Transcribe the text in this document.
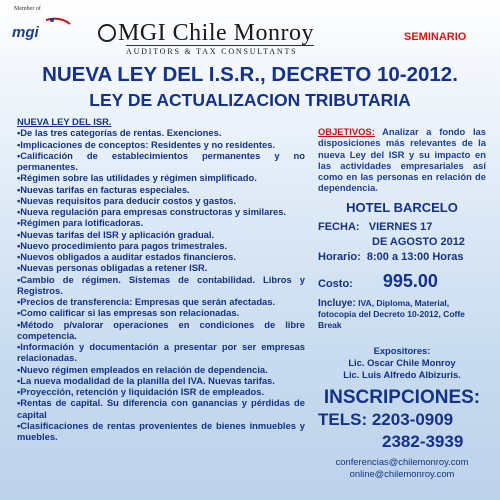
Member of
mgi	MGI Chile Monroy
AUDITORS & TAX CONSULTANTS
SEMINARIO
NUEVA LEY DEL I.S.R., DECRETO 10-2012.
LEY DE ACTUALIZACION TRIBUTARIA
NUEVA LEY DEL ISR.
•De las tres categorías de rentas. Exenciones.
•Implicaciones de conceptos: Residentes y no residentes.
•Calificación de establecimientos permanentes y no permanentes.
•Régimen sobre las utilidades y régimen simplificado.
•Nuevas tarifas en facturas especiales.
•Nuevas requisitos para deducir costos y gastos.
•Nueva regulación para empresas constructoras y similares.
•Régimen para lotificadoras.
•Nuevas tarifas del ISR y aplicación gradual.
•Nuevo procedimiento para pagos trimestrales.
•Nuevos obligados a auditar estados financieros.
•Nuevas personas obligadas a retener ISR.
•Cambio de régimen. Sistemas de contabilidad. Libros y Registros.
•Precios de transferencia: Empresas que serán afectadas.
•Como calificar si las empresas son relacionadas.
•Método p/valorar operaciones en condiciones de libre competencia.
•Información y documentación a presentar por ser empresas relacionadas.
•Nuevo régimen empleados en relación de dependencia.
•La nueva modalidad de la planilla del IVA. Nuevas tarifas.
•Proyección, retención y liquidación ISR de empleados.
•Rentas de capital. Su diferencia con ganancias y pérdidas de capital
•Clasificaciones de rentas provenientes de bienes inmuebles y muebles.
OBJETIVOS: Analizar a fondo las disposiciones más relevantes de la nueva Ley del ISR y su impacto en las actividades empresariales así como en las personas en relación de dependencia.
HOTEL BARCELO
FECHA: VIERNES 17
DE AGOSTO 2012
Horario: 8:00 a 13:00 Horas
Costo: 995.00
Incluye: IVA, Diploma, Material, fotocopia del Decreto 10-2012, Coffe Break
Expositores:
Lic. Oscar Chile Monroy
Lic. Luis Alfredo Albizuris.
INSCRIPCIONES:
TELS: 2203-0909
2382-3939
conferencias@chilemonroy.com
online@chilemonroy.com
